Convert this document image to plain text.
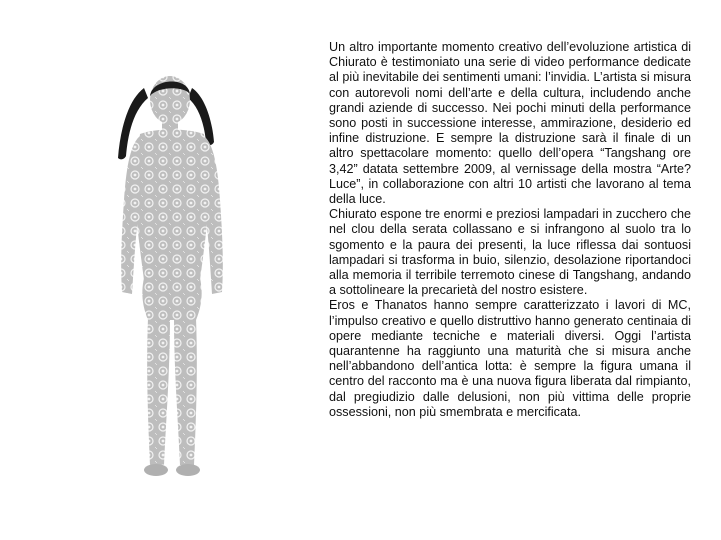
Un altro importante momento creativo dell’evoluzione artistica di Chiurato è testimoniato una serie di video performance dedicate al più inevitabile dei sentimenti umani: l’invidia. L’artista si misura con autorevoli nomi dell’arte e della cultura, includendo anche grandi aziende di successo. Nei pochi minuti della performance sono posti in successione interesse, ammirazione, desiderio ed infine distruzione. E sempre la distruzione sarà il finale di un altro spettacolare momento: quello dell’opera “Tangshang ore 3,42” datata settembre 2009, al vernissage della mostra “Arte? Luce”, in collaborazione con altri 10 artisti che lavorano al tema della luce.

Chiurato espone tre enormi e preziosi lampadari in zucchero che nel clou della serata collassano e si infrangono al suolo tra lo sgomento e la paura dei presenti, la luce riflessa dai sontuosi lampadari si trasforma in buio, silenzio, desolazione riportandoci alla memoria il terribile terremoto cinese di Tangshang, andando a sottolineare la precarietà del nostro esistere.

Eros e Thanatos hanno sempre caratterizzato i lavori di MC, l’impulso creativo e quello distruttivo hanno generato centinaia di opere mediante tecniche e materiali diversi. Oggi l’artista quarantenne ha raggiunto una maturità che si misura anche nell’abbandono dell’antica lotta: è sempre la figura umana il centro del racconto ma è una nuova figura liberata dal rimpianto, dal pregiudizio dalle delusioni, non più vittima delle proprie ossessioni, non più smembrata e mercificata.
